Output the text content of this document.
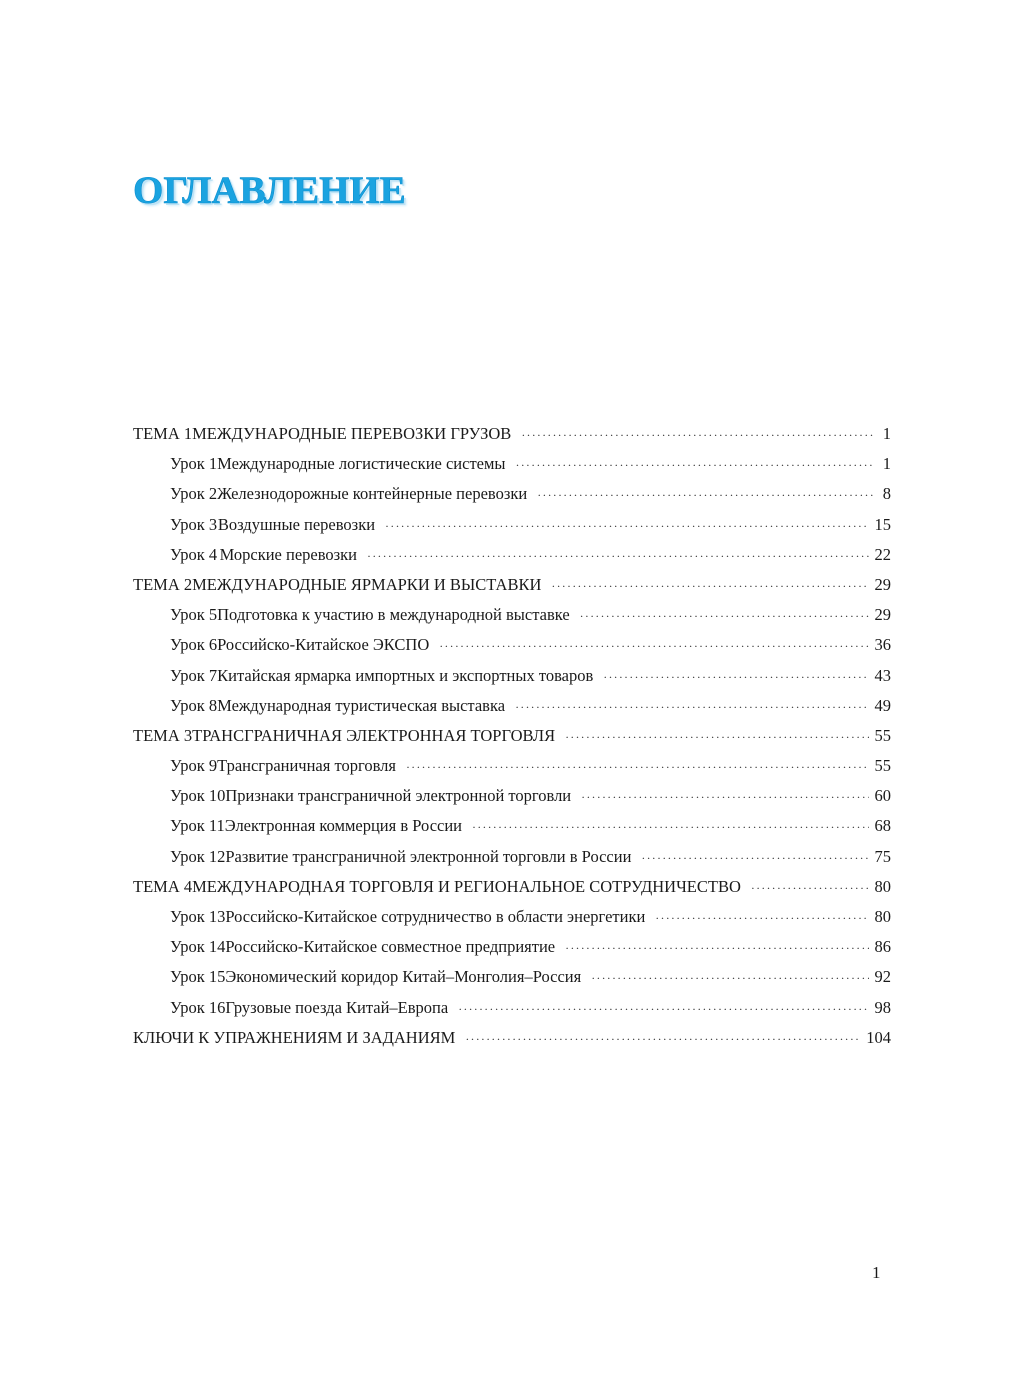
ОГЛАВЛЕНИЕ
ТЕМА 1 МЕЖДУНАРОДНЫЕ ПЕРЕВОЗКИ ГРУЗОВ ·····	1
Урок 1 Международные логистические системы ·····	1
Урок 2 Железнодорожные контейнерные перевозки ·····	8
Урок 3 Воздушные перевозки ·····	15
Урок 4 Морские перевозки ·····	22
ТЕМА 2 МЕЖДУНАРОДНЫЕ ЯРМАРКИ И ВЫСТАВКИ ·····	29
Урок 5 Подготовка к участию в международной выставке ·····	29
Урок 6 Российско-Китайское ЭКСПО ·····	36
Урок 7 Китайская ярмарка импортных и экспортных товаров ·····	43
Урок 8 Международная туристическая выставка ·····	49
ТЕМА 3 ТРАНСГРАНИЧНАЯ ЭЛЕКТРОННАЯ ТОРГОВЛЯ ·····	55
Урок 9 Трансграничная торговля ·····	55
Урок 10 Признаки трансграничной электронной торговли ·····	60
Урок 11 Электронная коммерция в России ·····	68
Урок 12 Развитие трансграничной электронной торговли в России ·····	75
ТЕМА 4 МЕЖДУНАРОДНАЯ ТОРГОВЛЯ И РЕГИОНАЛЬНОЕ СОТРУДНИЧЕСТВО ·····	80
Урок 13 Российско-Китайское сотрудничество в области энергетики ·····	80
Урок 14 Российско-Китайское совместное предприятие ·····	86
Урок 15 Экономический коридор Китай–Монголия–Россия ·····	92
Урок 16 Грузовые поезда Китай–Европа ·····	98
КЛЮЧИ К УПРАЖНЕНИЯМ И ЗАДАНИЯМ ·····	104
1
